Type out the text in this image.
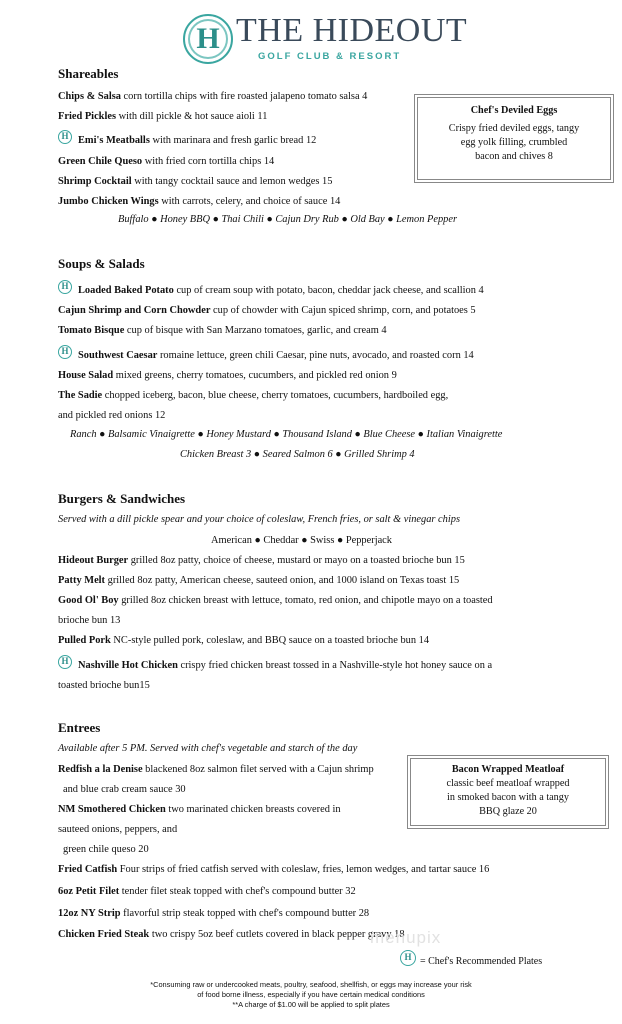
H THE HIDEOUT
GOLF CLUB & RESORT
Shareables
Chips & Salsa corn tortilla chips with fire roasted jalapeno tomato salsa 4
Fried Pickles with dill pickle & hot sauce aioli 11
H Emi's Meatballs with marinara and fresh garlic bread 12
Green Chile Queso with fried corn tortilla chips 14
Shrimp Cocktail with tangy cocktail sauce and lemon wedges 15
Jumbo Chicken Wings with carrots, celery, and choice of sauce 14
Buffalo ● Honey BBQ ● Thai Chili ● Cajun Dry Rub ● Old Bay ● Lemon Pepper
Chef's Deviled Eggs
Crispy fried deviled eggs, tangy
egg yolk filling, crumbled
bacon and chives 8
Soups & Salads
H Loaded Baked Potato cup of cream soup with potato, bacon, cheddar jack cheese, and scallion 4
Cajun Shrimp and Corn Chowder cup of chowder with Cajun spiced shrimp, corn, and potatoes 5
Tomato Bisque cup of bisque with San Marzano tomatoes, garlic, and cream 4
H Southwest Caesar romaine lettuce, green chili Caesar, pine nuts, avocado, and roasted corn 14
House Salad mixed greens, cherry tomatoes, cucumbers, and pickled red onion 9
The Sadie chopped iceberg, bacon, blue cheese, cherry tomatoes, cucumbers, hardboiled egg,
and pickled red onions 12
Ranch ● Balsamic Vinaigrette ● Honey Mustard ● Thousand Island ● Blue Cheese ● Italian Vinaigrette
Chicken Breast 3 ● Seared Salmon 6 ● Grilled Shrimp 4
Burgers & Sandwiches
Served with a dill pickle spear and your choice of coleslaw, French fries, or salt & vinegar chips
American ● Cheddar ● Swiss ● Pepperjack
Hideout Burger grilled 8oz patty, choice of cheese, mustard or mayo on a toasted brioche bun 15
Patty Melt grilled 8oz patty, American cheese, sauteed onion, and 1000 island on Texas toast 15
Good Ol' Boy grilled 8oz chicken breast with lettuce, tomato, red onion, and chipotle mayo on a toasted
brioche bun 13
Pulled Pork NC-style pulled pork, coleslaw, and BBQ sauce on a toasted brioche bun 14
H Nashville Hot Chicken crispy fried chicken breast tossed in a Nashville-style hot honey sauce on a
toasted brioche bun15
Entrees
Available after 5 PM. Served with chef's vegetable and starch of the day
Redfish a la Denise blackened 8oz salmon filet served with a Cajun shrimp
and blue crab cream sauce 30
NM Smothered Chicken two marinated chicken breasts covered in
sauteed onions, peppers, and
green chile queso 20
Fried Catfish Four strips of fried catfish served with coleslaw, fries, lemon wedges, and tartar sauce 16
6oz Petit Filet tender filet steak topped with chef's compound butter 32
12oz NY Strip flavorful strip steak topped with chef's compound butter 28
Chicken Fried Steak two crispy 5oz beef cutlets covered in black pepper gravy 18
Bacon Wrapped Meatloaf
classic beef meatloaf wrapped
in smoked bacon with a tangy
BBQ glaze 20
menupix
H = Chef's Recommended Plates
*Consuming raw or undercooked meats, poultry, seafood, shellfish, or eggs may increase your risk
of food borne illness, especially if you have certain medical conditions
**A charge of $1.00 will be applied to split plates
